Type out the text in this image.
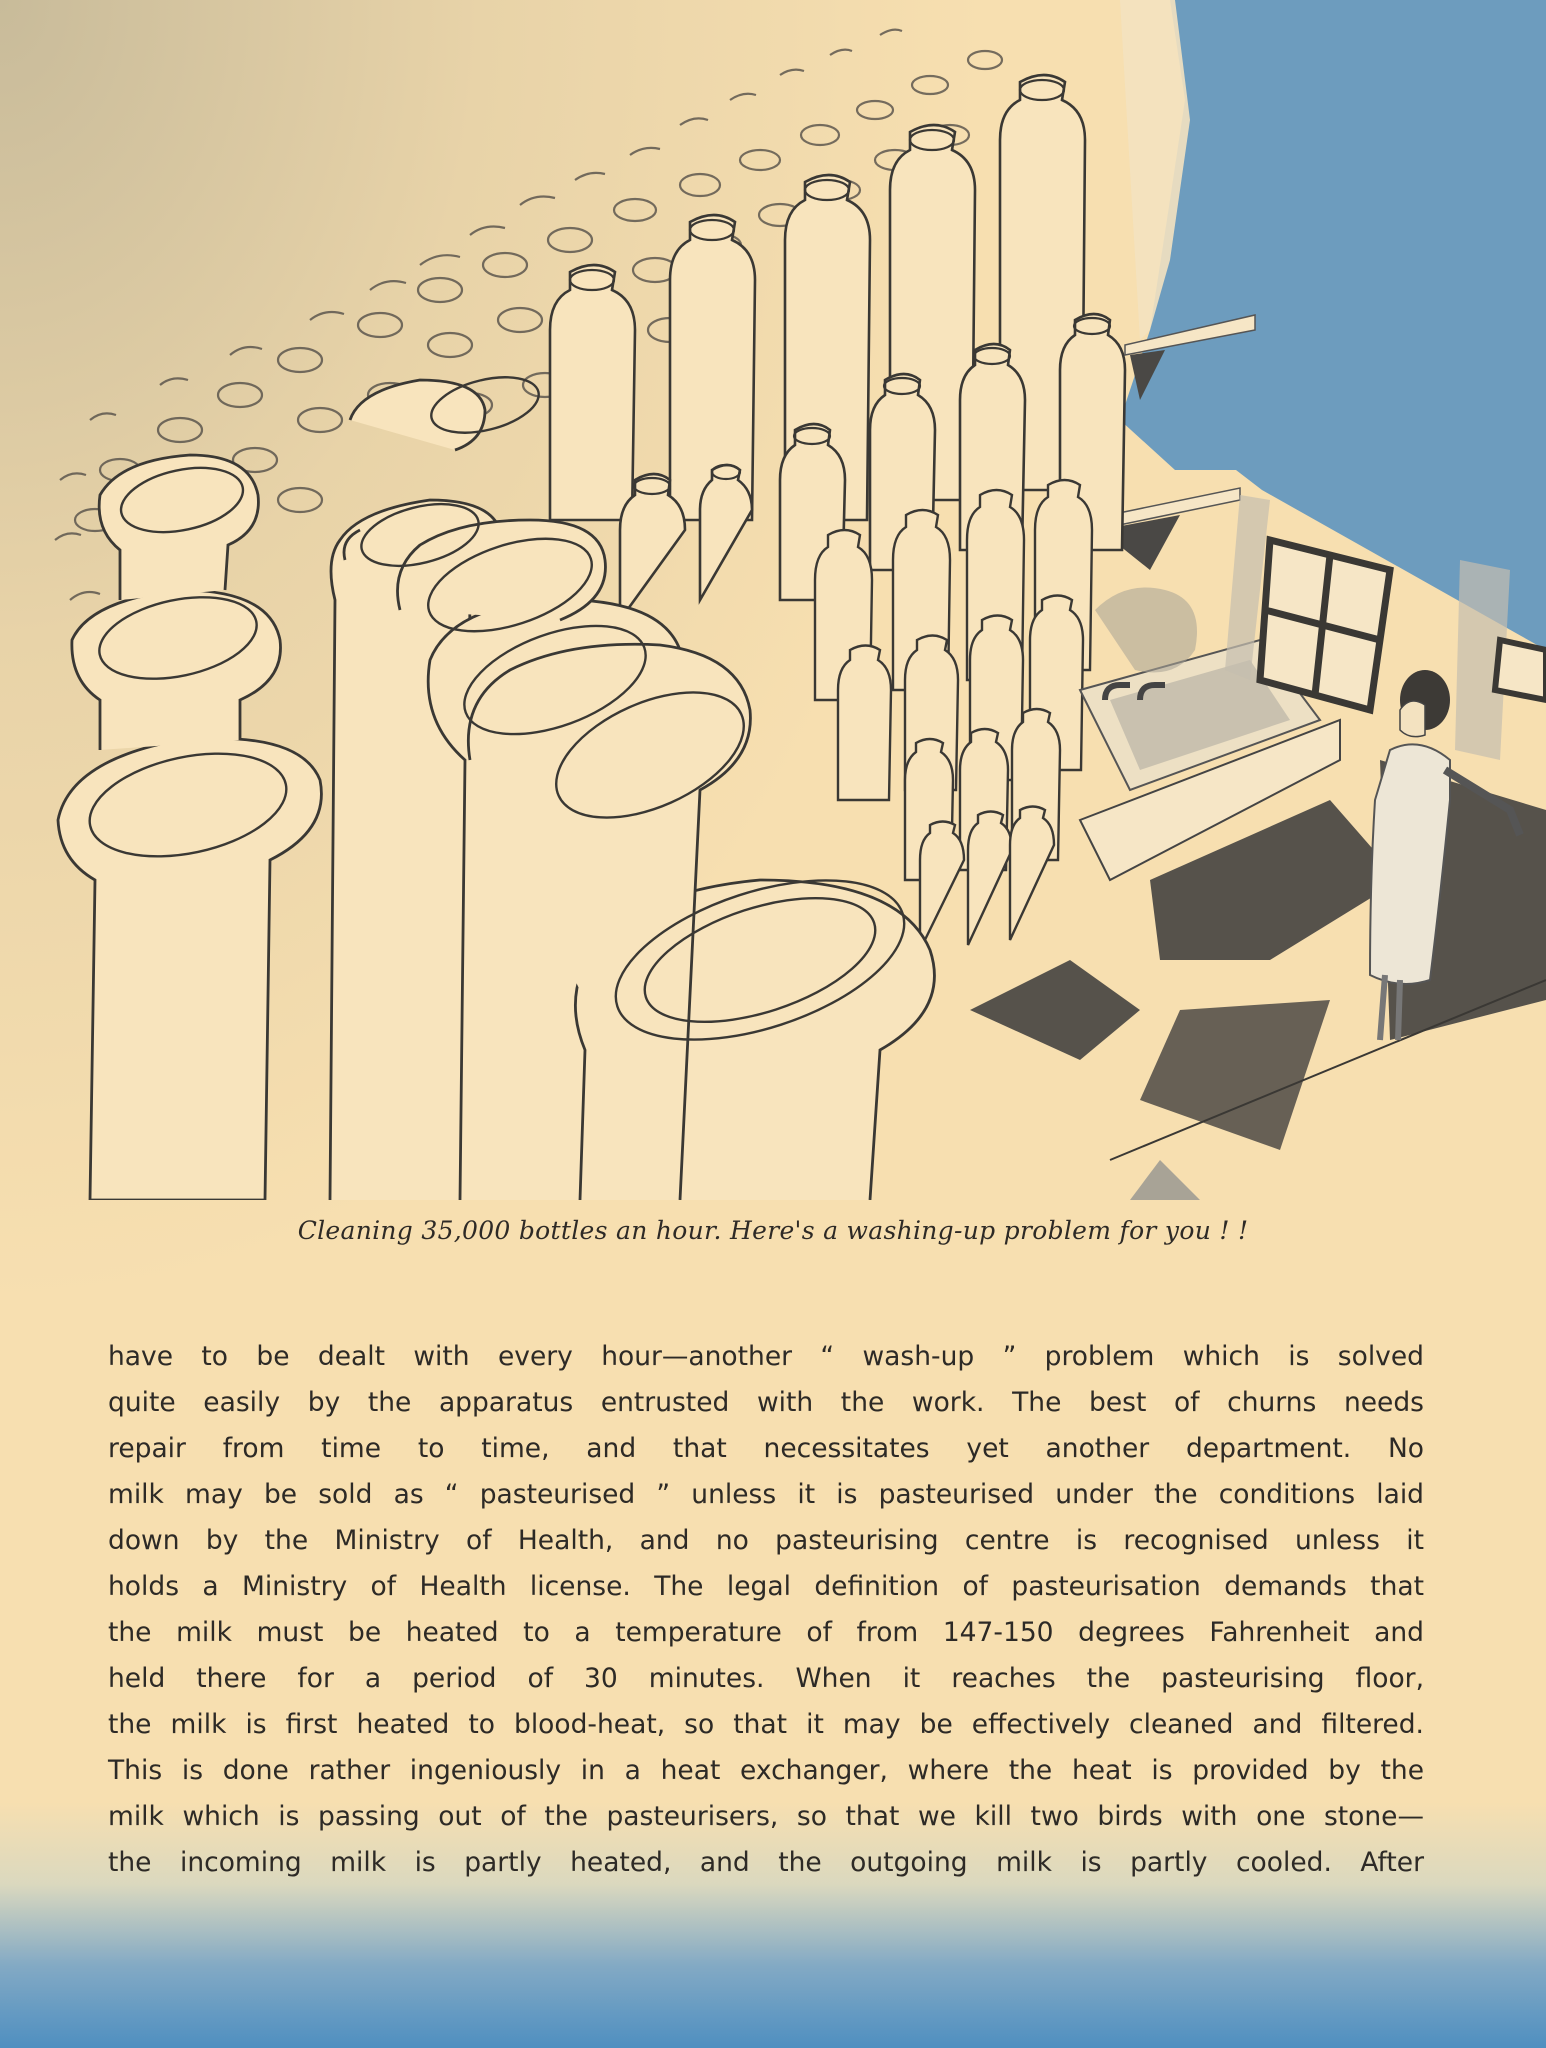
Cleaning 35,000 bottles an hour. Here's a washing-up problem for you ! !
have to be dealt with every hour—another “ wash-up ” problem which is solved
quite easily by the apparatus entrusted with the work. The best of churns needs
repair from time to time, and that necessitates yet another department. No
milk may be sold as “ pasteurised ” unless it is pasteurised under the conditions laid
down by the Ministry of Health, and no pasteurising centre is recognised unless it
holds a Ministry of Health license. The legal definition of pasteurisation demands that
the milk must be heated to a temperature of from 147-150 degrees Fahrenheit and
held there for a period of 30 minutes. When it reaches the pasteurising floor,
the milk is first heated to blood-heat, so that it may be effectively cleaned and filtered.
This is done rather ingeniously in a heat exchanger, where the heat is provided by the
milk which is passing out of the pasteurisers, so that we kill two birds with one stone—
the incoming milk is partly heated, and the outgoing milk is partly cooled. After
